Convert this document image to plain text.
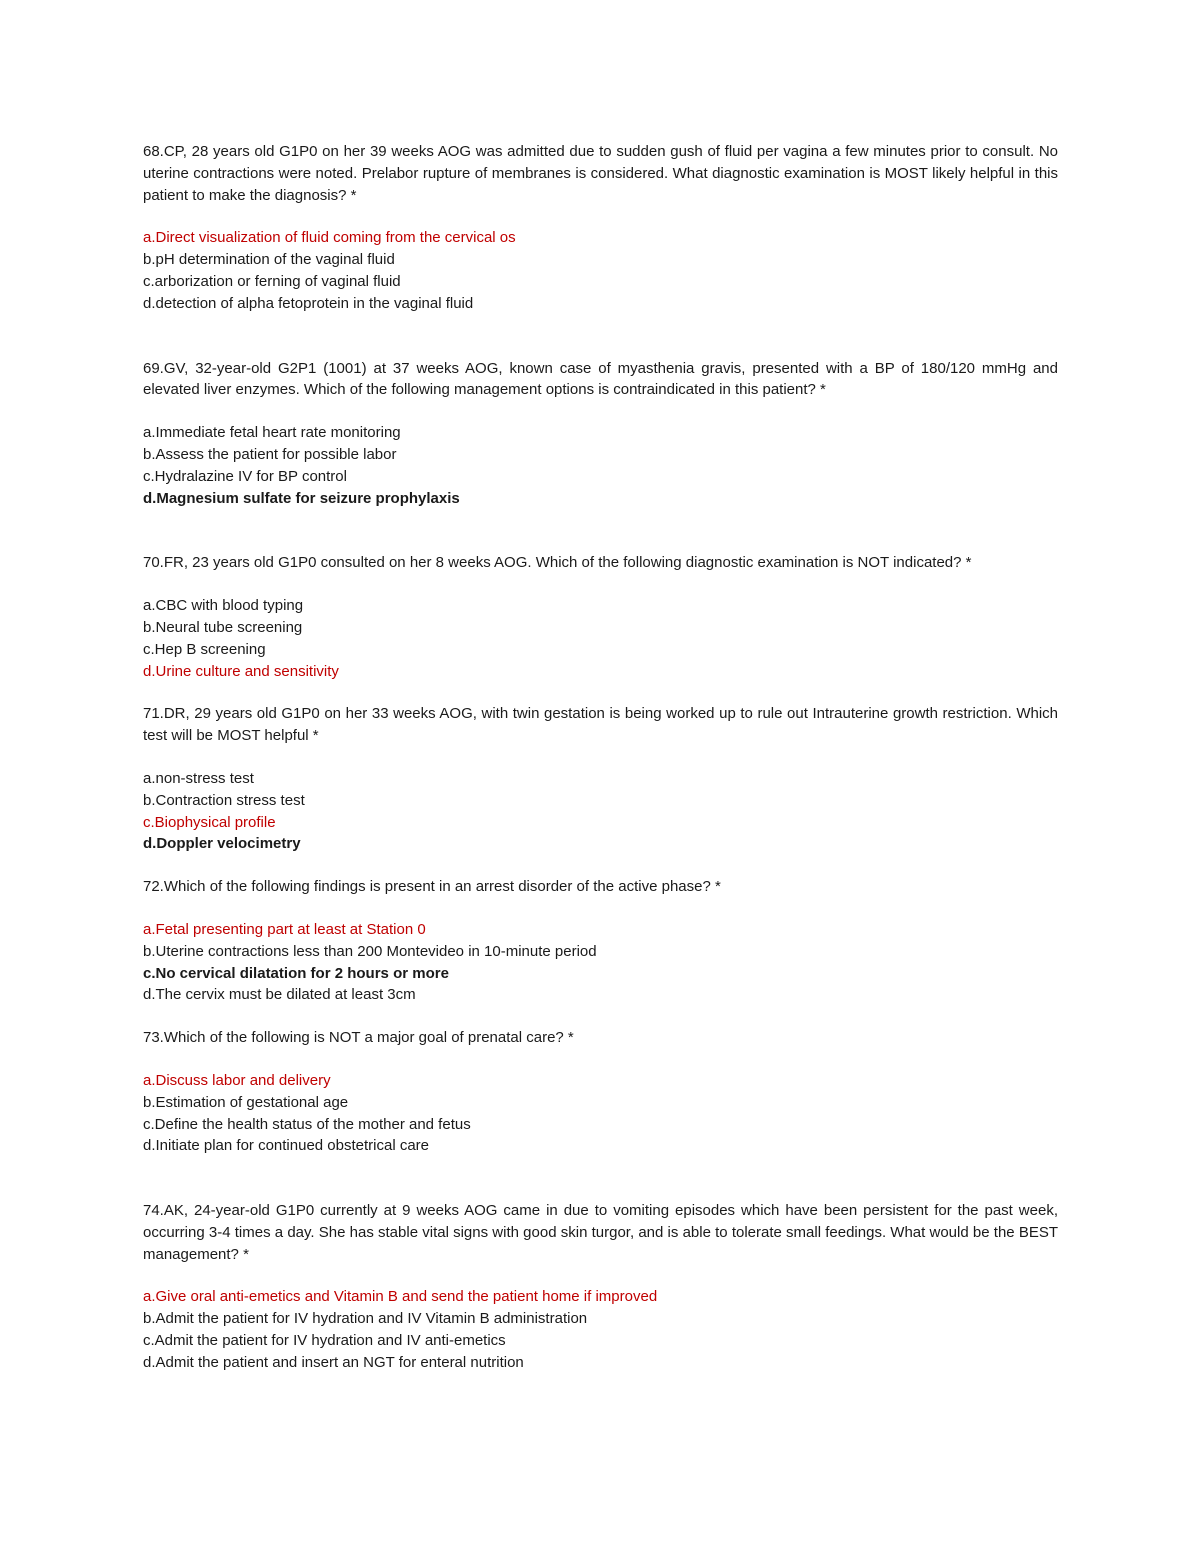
68.CP, 28 years old G1P0 on her 39 weeks AOG was admitted due to sudden gush of fluid per vagina a few minutes prior to consult. No uterine contractions were noted. Prelabor rupture of membranes is considered. What diagnostic examination is MOST likely helpful in this patient to make the diagnosis? *

a.Direct visualization of fluid coming from the cervical os

b.pH determination of the vaginal fluid

c.arborization or ferning of vaginal fluid

d.detection of alpha fetoprotein in the vaginal fluid

69.GV, 32-year-old G2P1 (1001) at 37 weeks AOG, known case of myasthenia gravis, presented with a BP of 180/120 mmHg and elevated liver enzymes. Which of the following management options is contraindicated in this patient? *

a.Immediate fetal heart rate monitoring

b.Assess the patient for possible labor

c.Hydralazine IV for BP control

d.Magnesium sulfate for seizure prophylaxis

70.FR, 23 years old G1P0 consulted on her 8 weeks AOG. Which of the following diagnostic examination is NOT indicated? *

a.CBC with blood typing

b.Neural tube screening

c.Hep B screening

d.Urine culture and sensitivity

71.DR, 29 years old G1P0 on her 33 weeks AOG, with twin gestation is being worked up to rule out Intrauterine growth restriction. Which test will be MOST helpful *

a.non-stress test

b.Contraction stress test

c.Biophysical profile

d.Doppler velocimetry

72.Which of the following findings is present in an arrest disorder of the active phase? *

a.Fetal presenting part at least at Station 0

b.Uterine contractions less than 200 Montevideo in 10-minute period

c.No cervical dilatation for 2 hours or more

d.The cervix must be dilated at least 3cm

73.Which of the following is NOT a major goal of prenatal care? *

a.Discuss labor and delivery

b.Estimation of gestational age

c.Define the health status of the mother and fetus

d.Initiate plan for continued obstetrical care

74.AK, 24-year-old G1P0 currently at 9 weeks AOG came in due to vomiting episodes which have been persistent for the past week, occurring 3-4 times a day. She has stable vital signs with good skin turgor, and is able to tolerate small feedings. What would be the BEST management? *

a.Give oral anti-emetics and Vitamin B and send the patient home if improved

b.Admit the patient for IV hydration and IV Vitamin B administration

c.Admit the patient for IV hydration and IV anti-emetics

d.Admit the patient and insert an NGT for enteral nutrition
